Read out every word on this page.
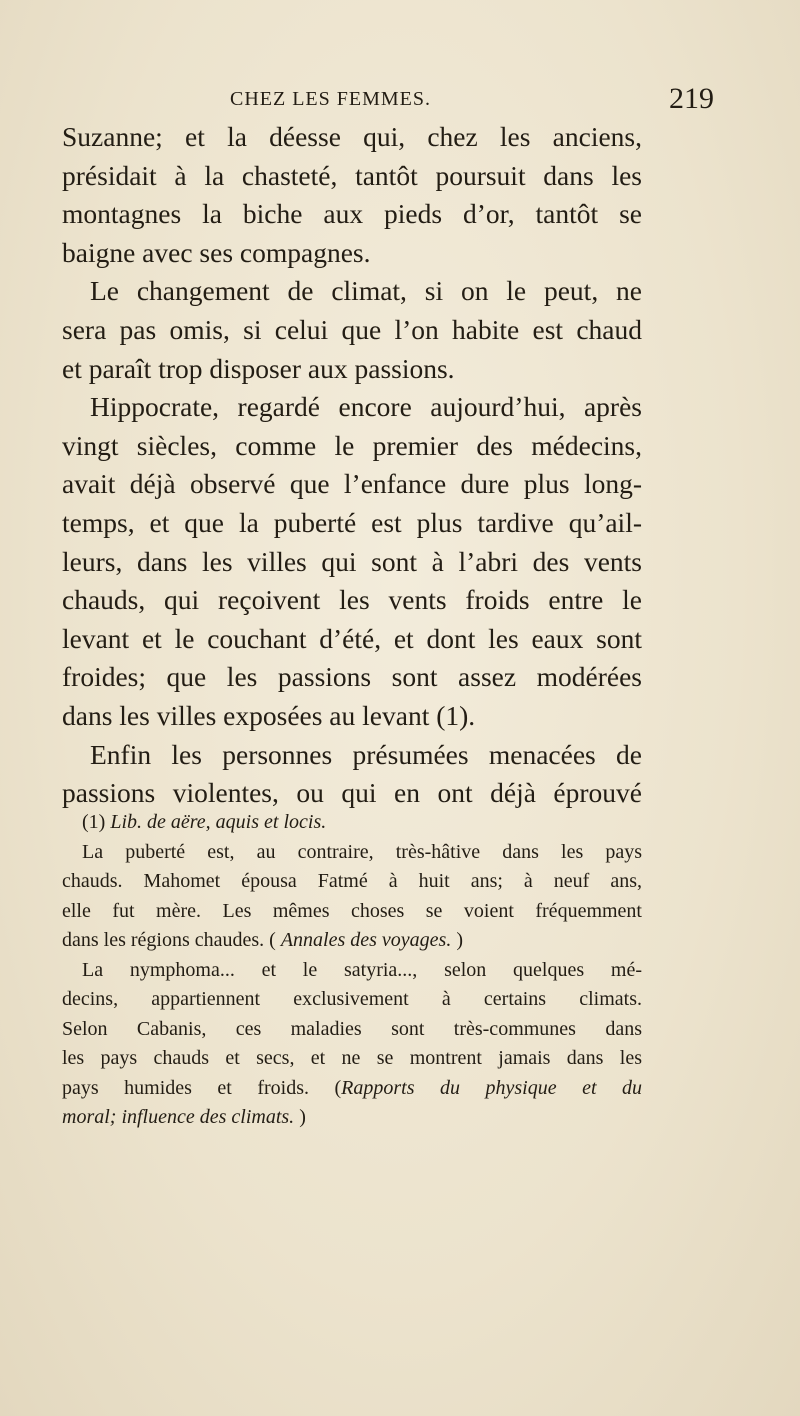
CHEZ LES FEMMES.	219
Suzanne; et la déesse qui, chez les anciens,
présidait à la chasteté, tantôt poursuit dans les
montagnes la biche aux pieds d’or, tantôt se
baigne avec ses compagnes.
Le changement de climat, si on le peut, ne
sera pas omis, si celui que l’on habite est chaud
et paraît trop disposer aux passions.
Hippocrate, regardé encore aujourd’hui, après
vingt siècles, comme le premier des médecins,
avait déjà observé que l’enfance dure plus long-
temps, et que la puberté est plus tardive qu’ail-
leurs, dans les villes qui sont à l’abri des vents
chauds, qui reçoivent les vents froids entre le
levant et le couchant d’été, et dont les eaux sont
froides; que les passions sont assez modérées
dans les villes exposées au levant (1).
Enfin les personnes présumées menacées de
passions violentes, ou qui en ont déjà éprouvé
(1) Lib. de aëre, aquis et locis.
La puberté est, au contraire, très-hâtive dans les pays
chauds. Mahomet épousa Fatmé à huit ans; à neuf ans,
elle fut mère. Les mêmes choses se voient fréquemment
dans les régions chaudes. ( Annales des voyages. )
La nymphoma... et le satyria..., selon quelques mé-
decins, appartiennent exclusivement à certains climats.
Selon Cabanis, ces maladies sont très-communes dans
les pays chauds et secs, et ne se montrent jamais dans les
pays humides et froids. (Rapports du physique et du
moral; influence des climats. )
